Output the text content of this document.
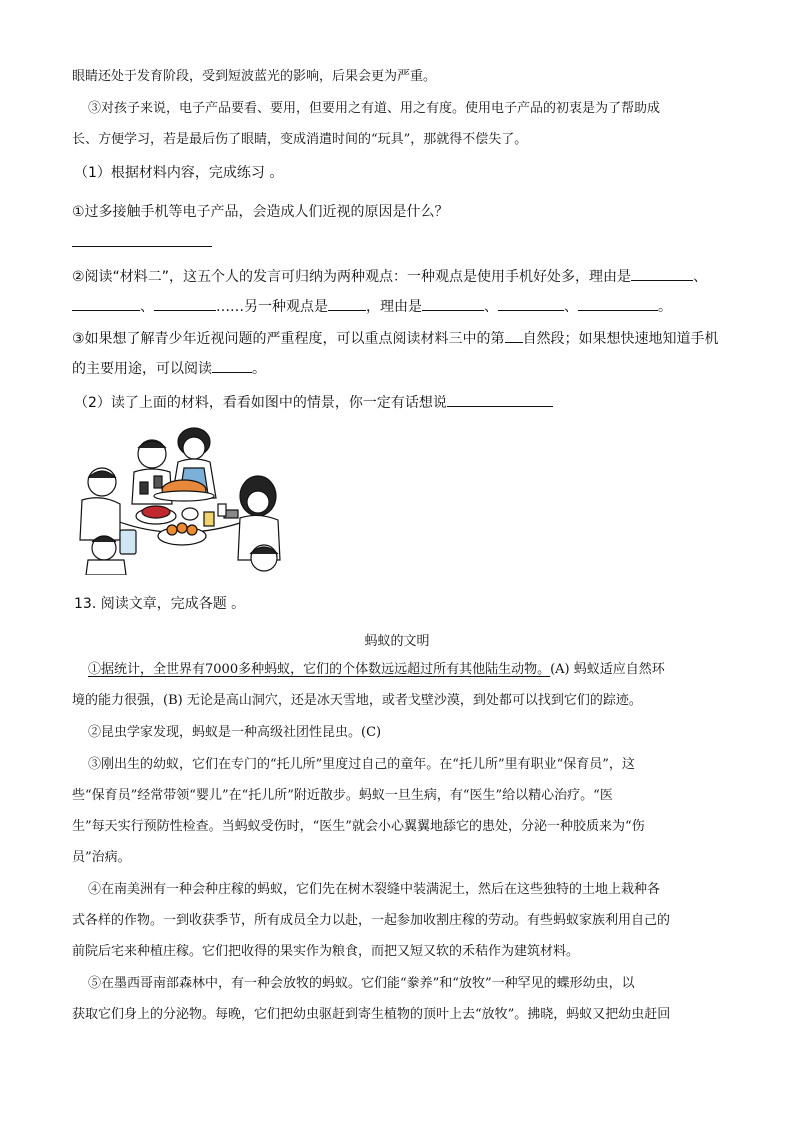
眼睛还处于发育阶段，受到短波蓝光的影响，后果会更为严重。
③对孩子来说，电子产品要看、要用，但要用之有道、用之有度。使用电子产品的初衷是为了帮助成
长、方便学习，若是最后伤了眼睛，变成消遣时间的“玩具”，那就得不偿失了。
（1）根据材料内容，完成练习 。
①过多接触手机等电子产品，会造成人们近视的原因是什么？
②阅读“材料二”，这五个人的发言可归纳为两种观点：一种观点是使用手机好处多，理由是	、
、	……另一种观点是	，理由是	、	、	。
③如果想了解青少年近视问题的严重程度，可以重点阅读材料三中的第 自然段；如果想快速地知道手机
的主要用途，可以阅读	。
（2）读了上面的材料，看看如图中的情景，你一定有话想说
13. 阅读文章，完成各题 。
蚂蚁的文明
①据统计，全世界有7000多种蚂蚁，它们的个体数远远超过所有其他陆生动物。(A) 蚂蚁适应自然环
境的能力很强，(B) 无论是高山洞穴，还是冰天雪地，或者戈壁沙漠，到处都可以找到它们的踪迹。
②昆虫学家发现，蚂蚁是一种高级社团性昆虫。(C)
③刚出生的幼蚁，它们在专门的“托儿所”里度过自己的童年。在“托儿所”里有职业“保育员”，这
些“保育员”经常带领“婴儿”在“托儿所”附近散步。蚂蚁一旦生病，有“医生”给以精心治疗。“医
生”每天实行预防性检查。当蚂蚁受伤时，“医生”就会小心翼翼地舔它的患处，分泌一种胶质来为“伤
员”治病。
④在南美洲有一种会种庄稼的蚂蚁，它们先在树木裂缝中装满泥土，然后在这些独特的土地上栽种各
式各样的作物。一到收获季节，所有成员全力以赴，一起参加收割庄稼的劳动。有些蚂蚁家族利用自己的
前院后宅来种植庄稼。它们把收得的果实作为粮食，而把又短又软的禾秸作为建筑材料。
⑤在墨西哥南部森林中，有一种会放牧的蚂蚁。它们能“豢养”和“放牧”一种罕见的蝶形幼虫，以
获取它们身上的分泌物。每晚，它们把幼虫驱赶到寄生植物的顶叶上去“放牧”。拂晓，蚂蚁又把幼虫赶回
